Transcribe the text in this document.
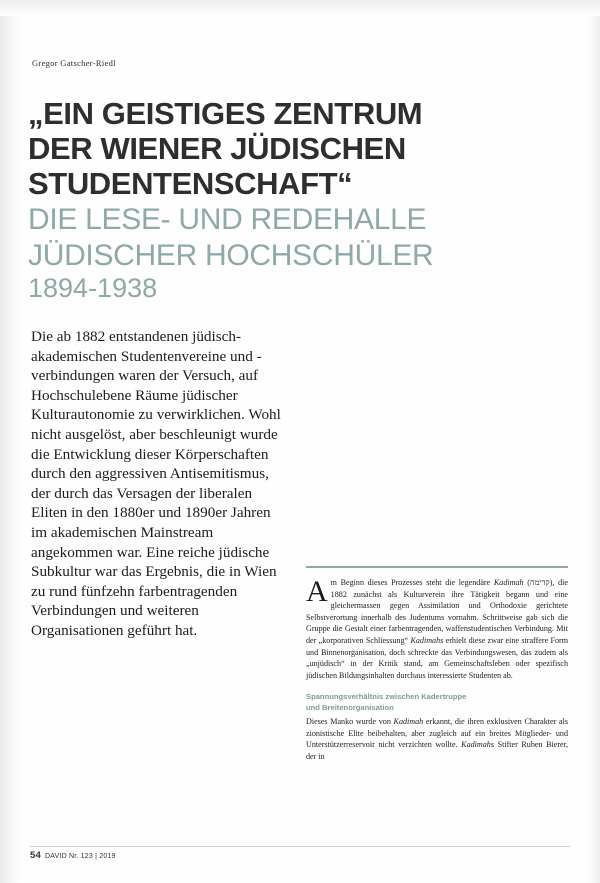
Gregor Gatscher-Riedl
„EIN GEISTIGES ZENTRUM
DER WIENER JÜDISCHEN
STUDENTENSCHAFT“
DIE LESE- UND REDEHALLE
JÜDISCHER HOCHSCHÜLER
1894-1938
Die ab 1882 entstandenen jüdisch-akademischen Studentenvereine und -verbindungen waren der Versuch, auf Hochschulebene Räume jüdischer Kulturautonomie zu verwirklichen. Wohl nicht ausgelöst, aber beschleunigt wurde die Entwicklung dieser Körperschaften durch den aggressiven Antisemitismus, der durch das Versagen der liberalen Eliten in den 1880er und 1890er Jahren im akademischen Mainstream angekommen war. Eine reiche jüdische Subkultur war das Ergebnis, die in Wien zu rund fünfzehn farbentragenden Verbindungen und weiteren Organisationen geführt hat.
Am Beginn dieses Prozesses steht die legendäre Kadimah (קדימה), die 1882 zunächst als Kulturverein ihre Tätigkeit begann und eine gleichermassen gegen Assimilation und Orthodoxie gerichtete Selbstverortung innerhalb des Judentums vornahm. Schrittweise gab sich die Gruppe die Gestalt einer farbentragenden, waffenstudentischen Verbindung. Mit der „korporativen Schliessung“ Kadimahs erhielt diese zwar eine straffere Form und Binnenorganisation, doch schreckte das Verbindungswesen, das zudem als „unjüdisch“ in der Kritik stand, am Gemeinschaftsleben oder spezifisch jüdischen Bildungsinhalten durchaus interessierte Studenten ab.
Spannungsverhältnis zwischen Kadertruppe
und Breitenorganisation
Dieses Manko wurde von Kadimah erkannt, die ihren exklusiven Charakter als zionistische Elite beibehalten, aber zugleich auf ein breites Mitglieder- und Unterstützerreservoir nicht verzichten wollte. Kadimahs Stifter Ruben Bierer, der in
54 DAVID Nr. 123 | 2019
